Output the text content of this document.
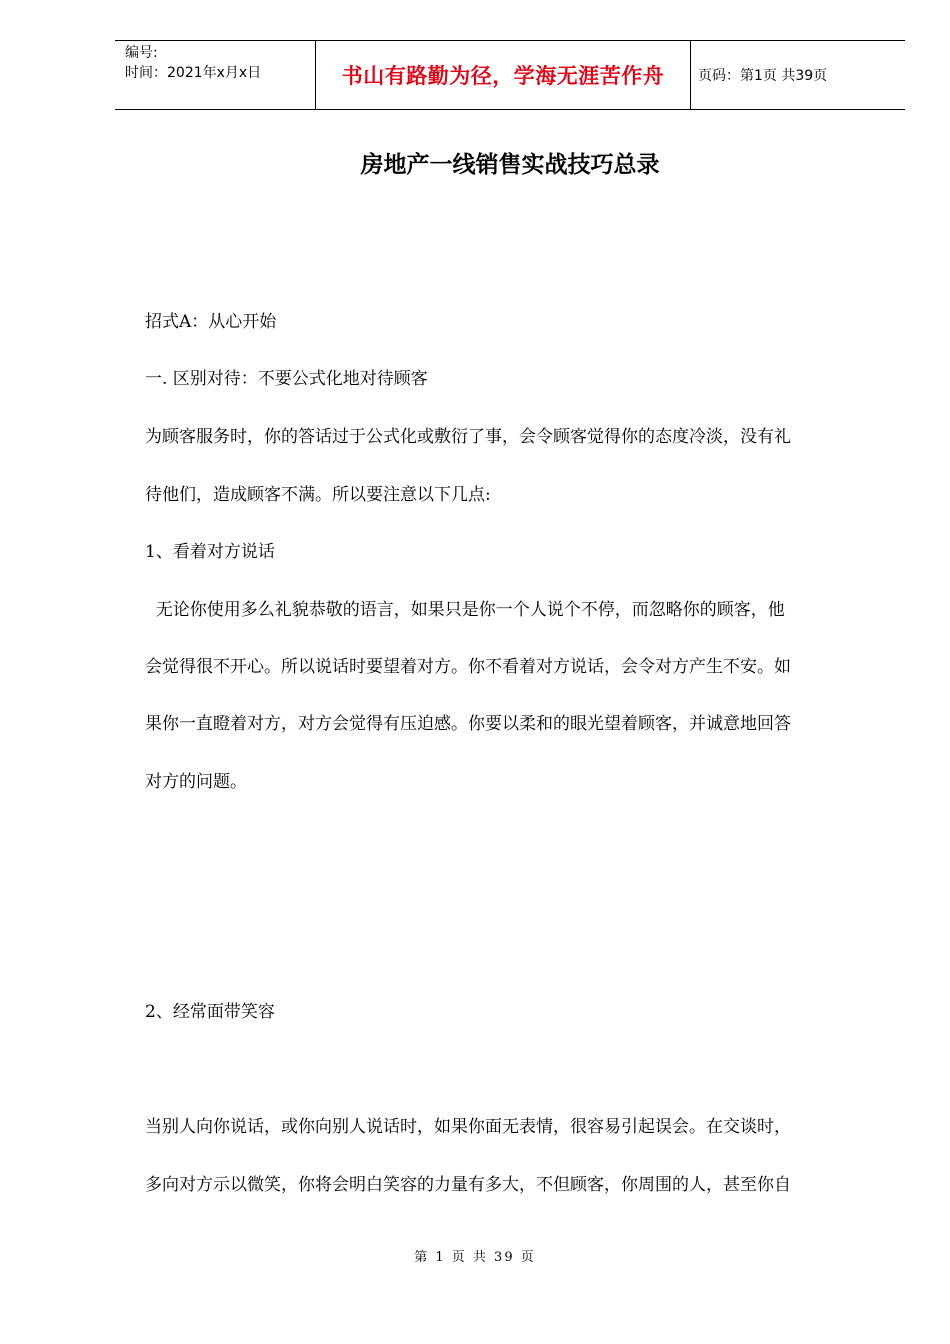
编号:
时间：2021年x月x日	书山有路勤为径，学海无涯苦作舟	页码：第1页 共39页
房地产一线销售实战技巧总录
招式A：从心开始
一. 区别对待：不要公式化地对待顾客
为顾客服务时，你的答话过于公式化或敷衍了事，会令顾客觉得你的态度冷淡，没有礼
待他们，造成顾客不满。所以要注意以下几点:
1、看着对方说话
无论你使用多么礼貌恭敬的语言，如果只是你一个人说个不停，而忽略你的顾客，他
会觉得很不开心。所以说话时要望着对方。你不看着对方说话，会令对方产生不安。如
果你一直瞪着对方，对方会觉得有压迫感。你要以柔和的眼光望着顾客，并诚意地回答
对方的问题。
2、经常面带笑容
当别人向你说话，或你向别人说话时，如果你面无表情，很容易引起误会。在交谈时，
多向对方示以微笑，你将会明白笑容的力量有多大，不但顾客，你周围的人，甚至你自
第 1 页 共 39 页
